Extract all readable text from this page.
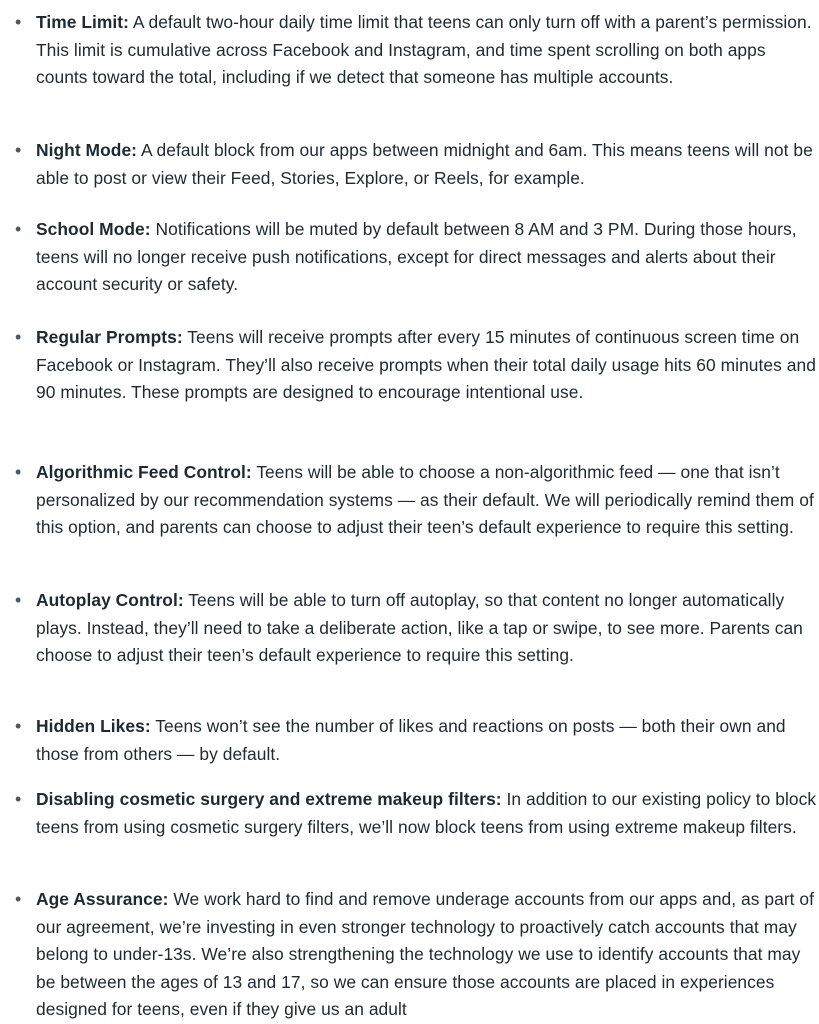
• Time Limit: A default two-hour daily time limit that teens can only turn off with a parent’s permission. This limit is cumulative across Facebook and Instagram, and time spent scrolling on both apps counts toward the total, including if we detect that someone has multiple accounts.

• Night Mode: A default block from our apps between midnight and 6am. This means teens will not be able to post or view their Feed, Stories, Explore, or Reels, for example.

• School Mode: Notifications will be muted by default between 8 AM and 3 PM. During those hours, teens will no longer receive push notifications, except for direct messages and alerts about their account security or safety.

• Regular Prompts: Teens will receive prompts after every 15 minutes of continuous screen time on Facebook or Instagram. They’ll also receive prompts when their total daily usage hits 60 minutes and 90 minutes. These prompts are designed to encourage intentional use.

• Algorithmic Feed Control: Teens will be able to choose a non-algorithmic feed — one that isn’t personalized by our recommendation systems — as their default. We will periodically remind them of this option, and parents can choose to adjust their teen’s default experience to require this setting.

• Autoplay Control: Teens will be able to turn off autoplay, so that content no longer automatically plays. Instead, they’ll need to take a deliberate action, like a tap or swipe, to see more. Parents can choose to adjust their teen’s default experience to require this setting.

• Hidden Likes: Teens won’t see the number of likes and reactions on posts — both their own and those from others — by default.

• Disabling cosmetic surgery and extreme makeup filters: In addition to our existing policy to block teens from using cosmetic surgery filters, we’ll now block teens from using extreme makeup filters.

• Age Assurance: We work hard to find and remove underage accounts from our apps and, as part of our agreement, we’re investing in even stronger technology to proactively catch accounts that may belong to under-13s. We’re also strengthening the technology we use to identify accounts that may be between the ages of 13 and 17, so we can ensure those accounts are placed in experiences designed for teens, even if they give us an adult
